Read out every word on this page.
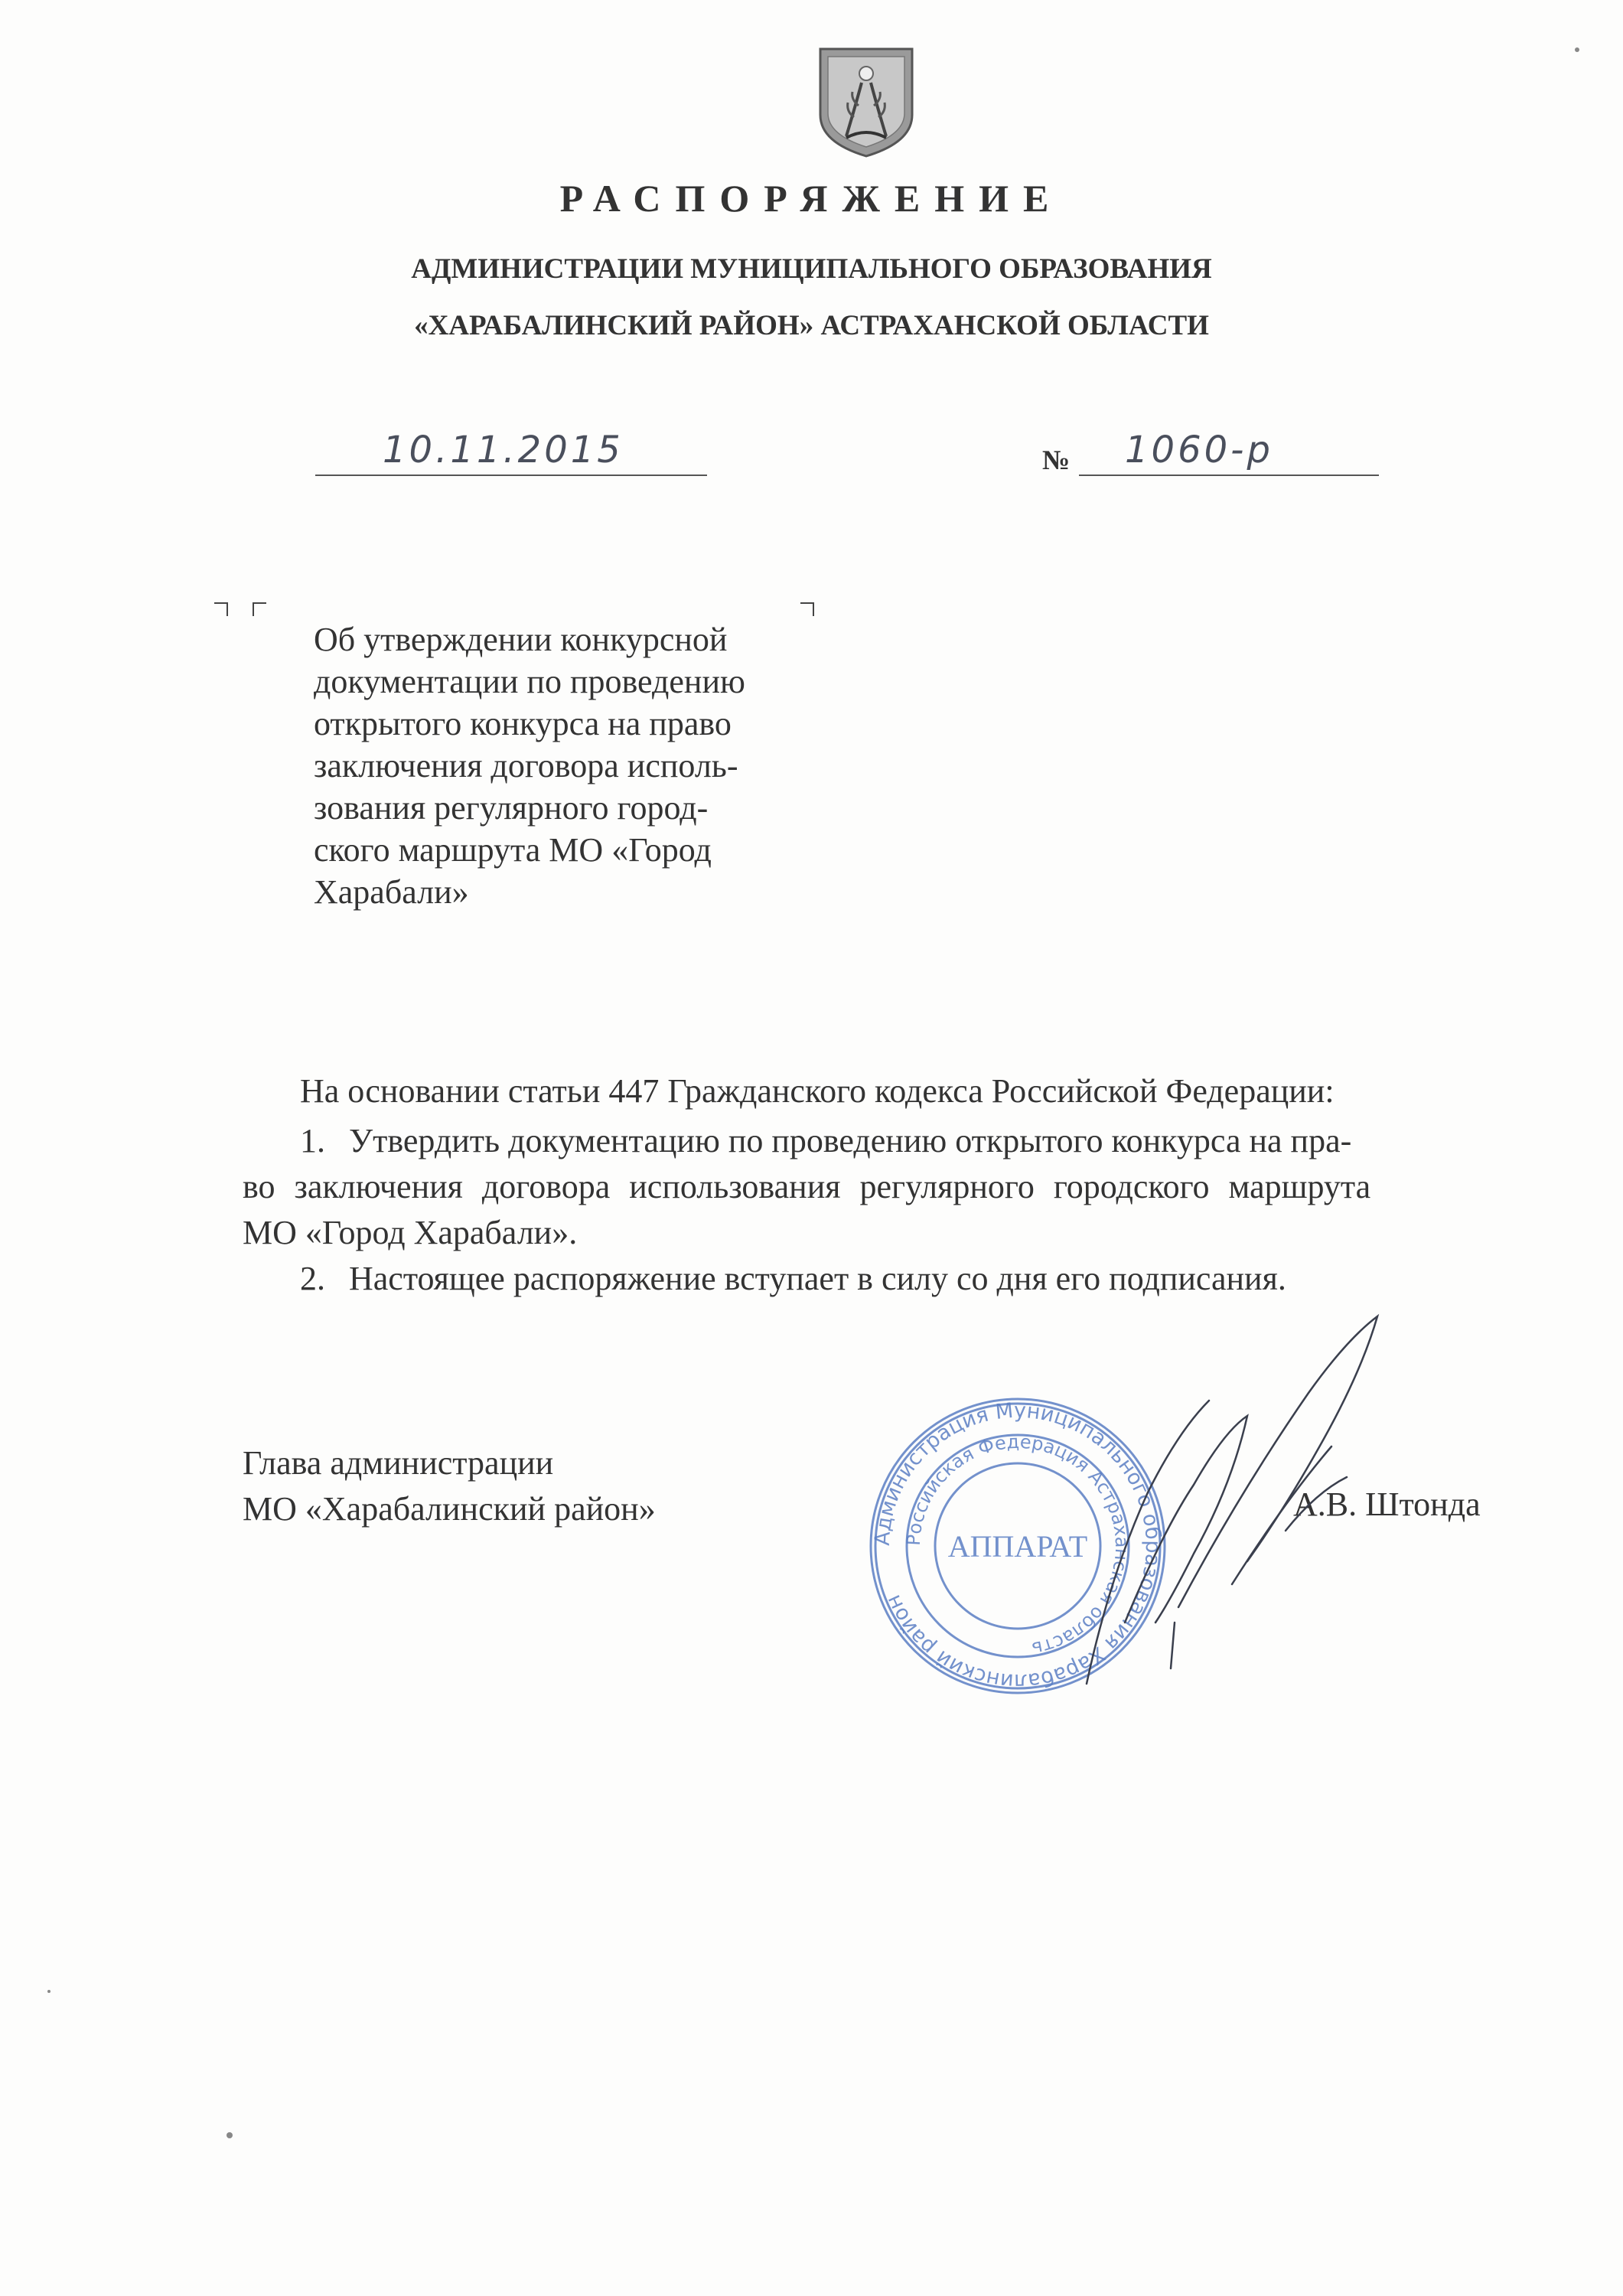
РАСПОРЯЖЕНИЕ
АДМИНИСТРАЦИИ МУНИЦИПАЛЬНОГО ОБРАЗОВАНИЯ
«ХАРАБАЛИНСКИЙ РАЙОН» АСТРАХАНСКОЙ ОБЛАСТИ
10.11.2015	№ 1060-р
Об утверждении конкурсной
документации по проведению
открытого конкурса на право
заключения договора исполь-
зования регулярного город-
ского маршрута МО «Город
Харабали»
На основании статьи 447 Гражданского кодекса Российской Федерации:
1. Утвердить документацию по проведению открытого конкурса на пра-
во заключения договора использования регулярного городского маршрута
МО «Город Харабали».
2. Настоящее распоряжение вступает в силу со дня его подписания.
Глава администрации
МО «Харабалинский район»	А.В. Штонда
Администрация Муниципального образования Харабалинский район
Российская Федерация Астраханская область
АППАРАТ
